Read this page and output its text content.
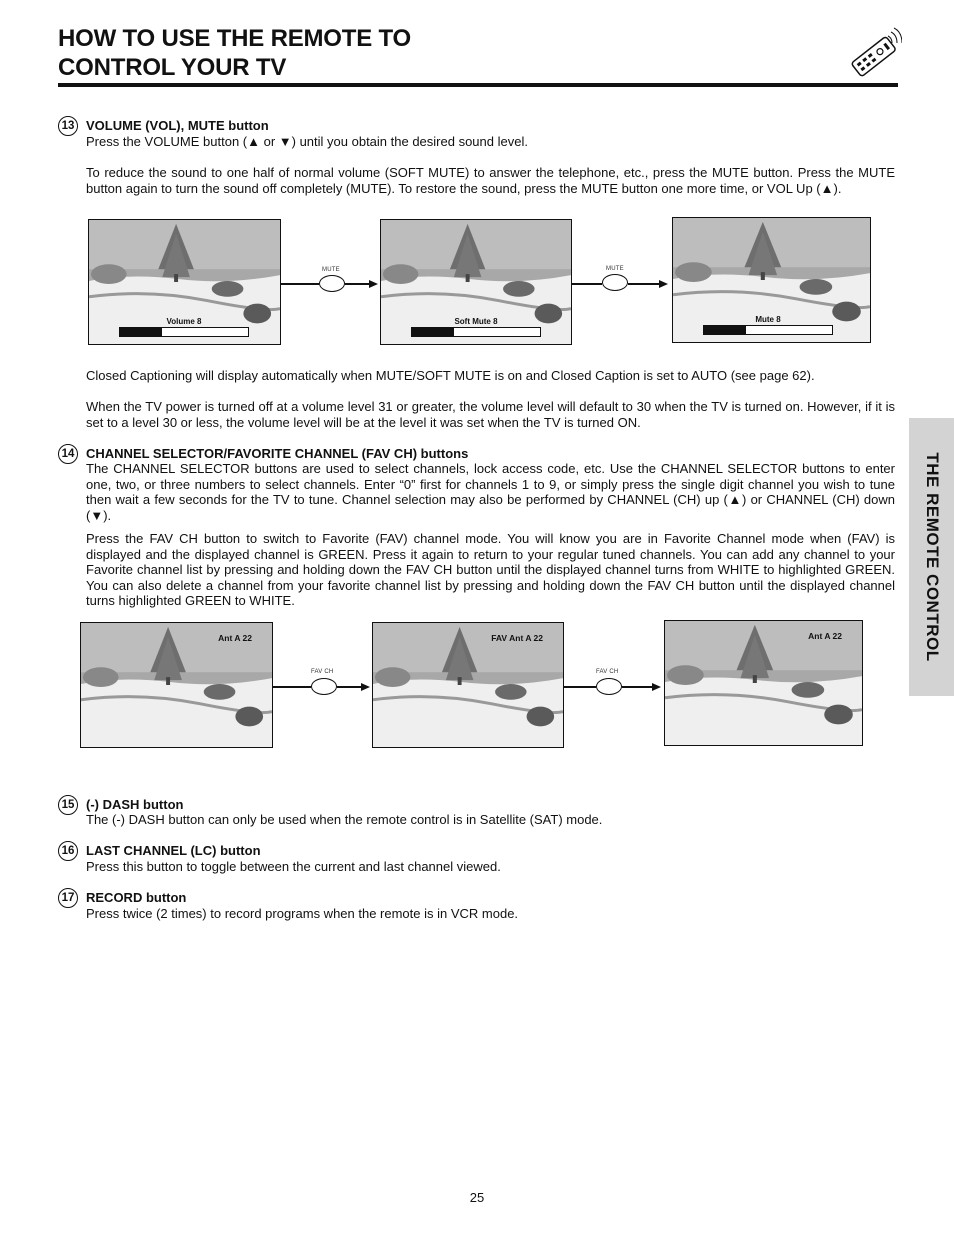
HOW TO USE THE REMOTE TO
CONTROL YOUR TV
THE REMOTE CONTROL
13 VOLUME (VOL), MUTE button

Press the VOLUME button (▲ or ▼) until you obtain the desired sound level.

To reduce the sound to one half of normal volume (SOFT MUTE) to answer the telephone, etc., press the MUTE button. Press the MUTE button again to turn the sound off completely (MUTE). To restore the sound, press the MUTE button one more time, or VOL Up (▲).

Volume 8
MUTE
Soft Mute 8
MUTE
Mute 8

Closed Captioning will display automatically when MUTE/SOFT MUTE is on and Closed Caption is set to AUTO (see page 62).

When the TV power is turned off at a volume level 31 or greater, the volume level will default to 30 when the TV is turned on. However, if it is set to a level 30 or less, the volume level will be at the level it was set when the TV is turned ON.

14 CHANNEL SELECTOR/FAVORITE CHANNEL (FAV CH) buttons

The CHANNEL SELECTOR buttons are used to select channels, lock access code, etc. Use the CHANNEL SELECTOR buttons to enter one, two, or three numbers to select channels. Enter “0” first for channels 1 to 9, or simply press the single digit channel you wish to tune then wait a few seconds for the TV to tune. Channel selection may also be performed by CHANNEL (CH) up (▲) or CHANNEL (CH) down (▼).

Press the FAV CH button to switch to Favorite (FAV) channel mode. You will know you are in Favorite Channel mode when (FAV) is displayed and the displayed channel is GREEN. Press it again to return to your regular tuned channels. You can add any channel to your Favorite channel list by pressing and holding down the FAV CH button until the displayed channel turns from WHITE to highlighted GREEN. You can also delete a channel from your favorite channel list by pressing and holding down the FAV CH button until the displayed channel turns highlighted GREEN to WHITE.

Ant A 22
FAV CH
FAV Ant A 22
FAV CH
Ant A 22
15 (-) DASH button

The (-) DASH button can only be used when the remote control is in Satellite (SAT) mode.

16 LAST CHANNEL (LC) button

Press this button to toggle between the current and last channel viewed.

17 RECORD button

Press twice (2 times) to record programs when the remote is in VCR mode.

25
